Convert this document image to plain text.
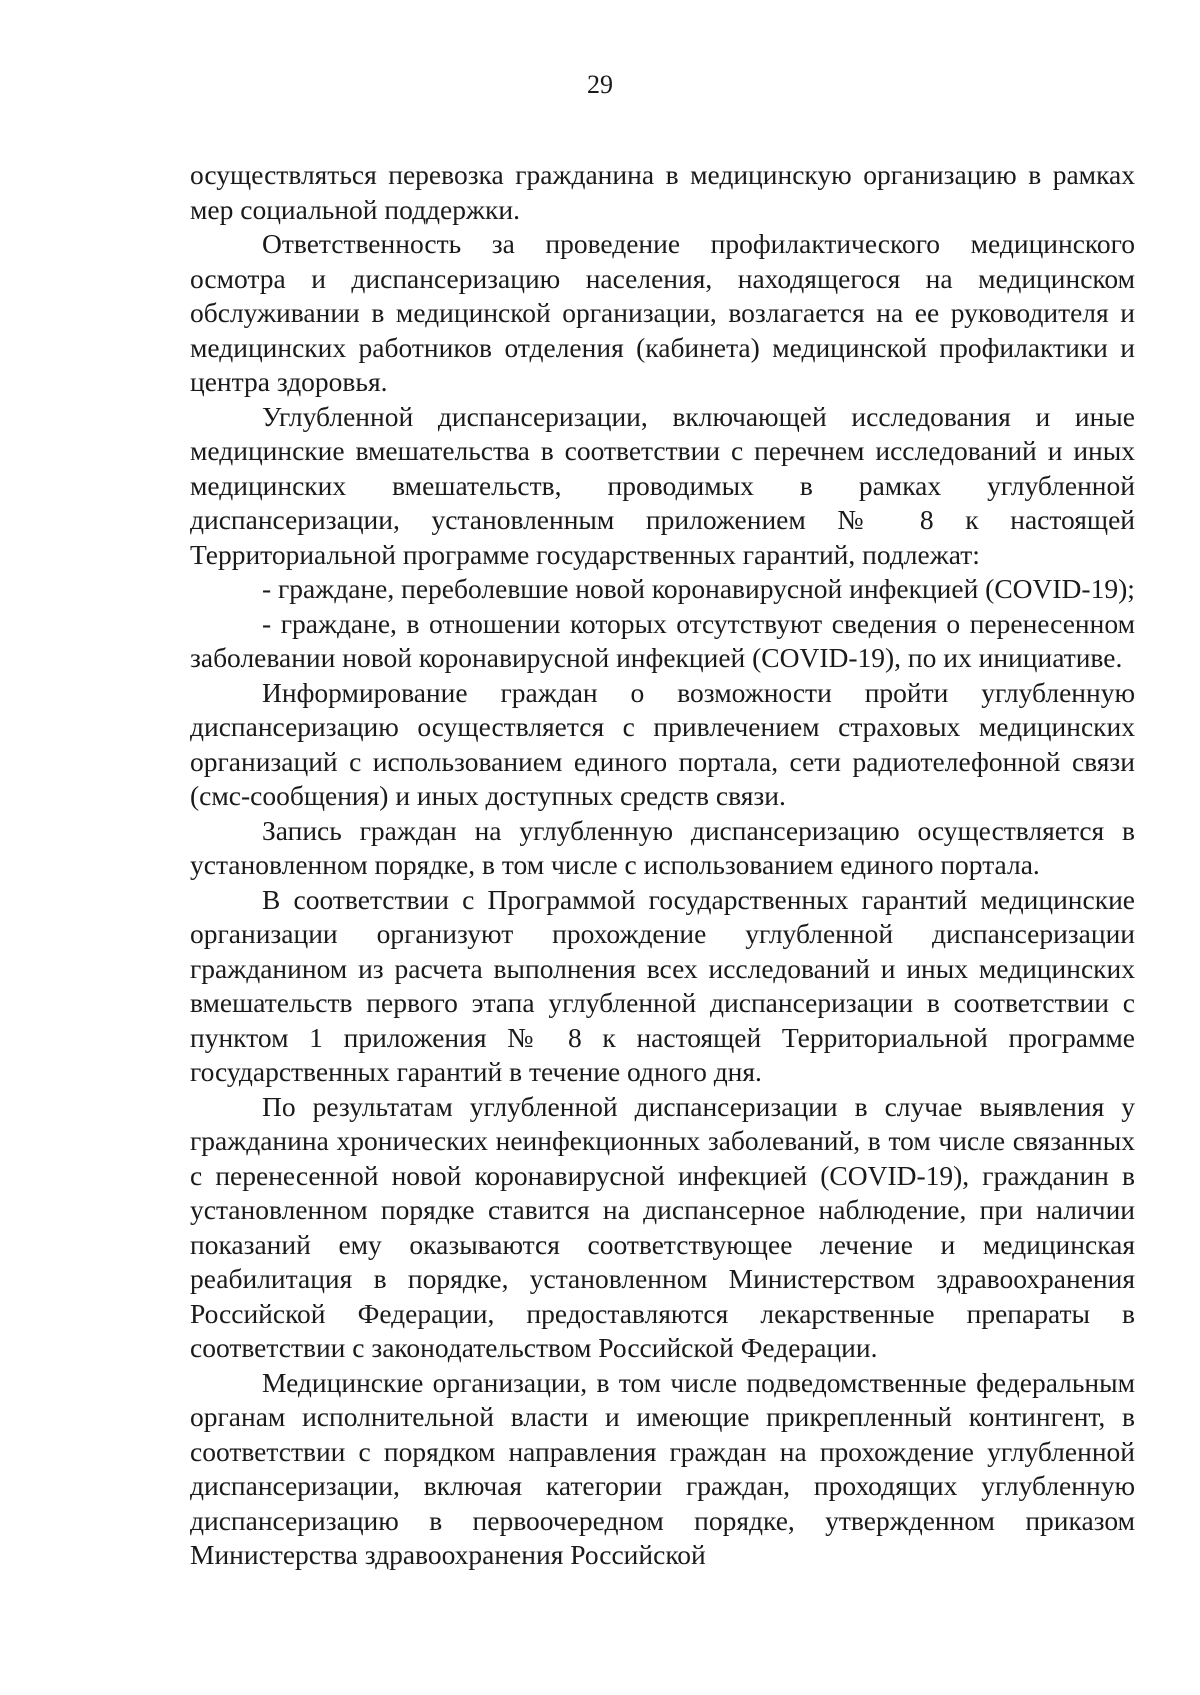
29

осуществляться перевозка гражданина в медицинскую организацию в рамках мер социальной поддержки.

Ответственность за проведение профилактического медицинского осмотра и диспансеризацию населения, находящегося на медицинском обслуживании в медицинской организации, возлагается на ее руководителя и медицинских работников отделения (кабинета) медицинской профилактики и центра здоровья.

Углубленной диспансеризации, включающей исследования и иные медицинские вмешательства в соответствии с перечнем исследований и иных медицинских вмешательств, проводимых в рамках углубленной диспансеризации, установленным приложением № 8 к настоящей Территориальной программе государственных гарантий, подлежат:

- граждане, переболевшие новой коронавирусной инфекцией (COVID-19);

- граждане, в отношении которых отсутствуют сведения о перенесенном заболевании новой коронавирусной инфекцией (COVID-19), по их инициативе.

Информирование граждан о возможности пройти углубленную диспансеризацию осуществляется с привлечением страховых медицинских организаций с использованием единого портала, сети радиотелефонной связи (смс-сообщения) и иных доступных средств связи.

Запись граждан на углубленную диспансеризацию осуществляется в установленном порядке, в том числе с использованием единого портала.

В соответствии с Программой государственных гарантий медицинские организации организуют прохождение углубленной диспансеризации гражданином из расчета выполнения всех исследований и иных медицинских вмешательств первого этапа углубленной диспансеризации в соответствии с пунктом 1 приложения № 8 к настоящей Территориальной программе государственных гарантий в течение одного дня.

По результатам углубленной диспансеризации в случае выявления у гражданина хронических неинфекционных заболеваний, в том числе связанных с перенесенной новой коронавирусной инфекцией (COVID-19), гражданин в установленном порядке ставится на диспансерное наблюдение, при наличии показаний ему оказываются соответствующее лечение и медицинская реабилитация в порядке, установленном Министерством здравоохранения Российской Федерации, предоставляются лекарственные препараты в соответствии с законодательством Российской Федерации.

Медицинские организации, в том числе подведомственные федеральным органам исполнительной власти и имеющие прикрепленный контингент, в соответствии с порядком направления граждан на прохождение углубленной диспансеризации, включая категории граждан, проходящих углубленную диспансеризацию в первоочередном порядке, утвержденном приказом Министерства здравоохранения Российской
